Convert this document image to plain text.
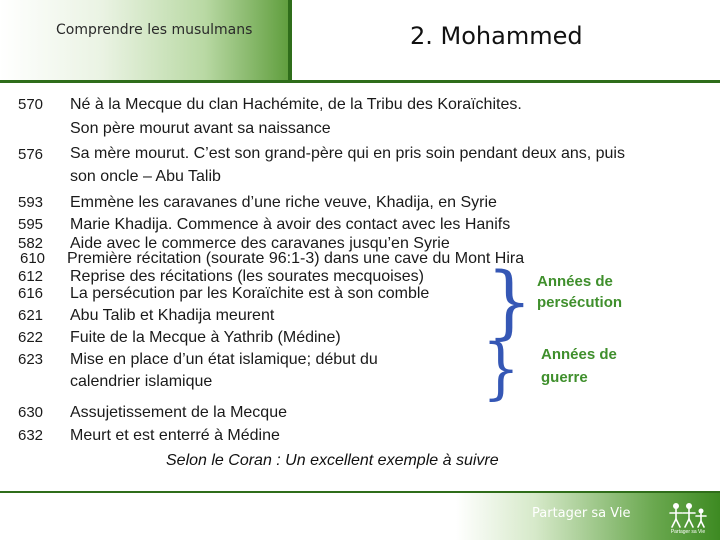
Comprendre les musulmans	2. Mohammed
570	Né à la Mecque du clan Hachémite, de la Tribu des Koraïchites.
Son père mourut avant sa naissance
576	Sa mère mourut. C’est son grand-père qui en pris soin pendant deux ans, puis
son oncle – Abu Talib
593	Emmène les caravanes d’une riche veuve, Khadija, en Syrie
595	Marie Khadija. Commence à avoir des contact avec les Hanifs
582	Aide avec le commerce des caravanes jusqu’en Syrie
610	Première récitation (sourate 96:1-3) dans une cave du Mont Hira
612	Reprise des récitations (les sourates mecquoises)
616	La persécution par les Koraïchite est à son comble
621	Abu Talib et Khadija meurent
622	Fuite de la Mecque à Yathrib (Médine)
623	Mise en place d’un état islamique; début du
calendrier islamique
630	Assujetissement de la Mecque
632	Meurt et est enterré à Médine
}
}
Années de
persécution
Années de
guerre
Selon le Coran : Un excellent exemple à suivre
Partager sa Vie
Partager sa Vie
